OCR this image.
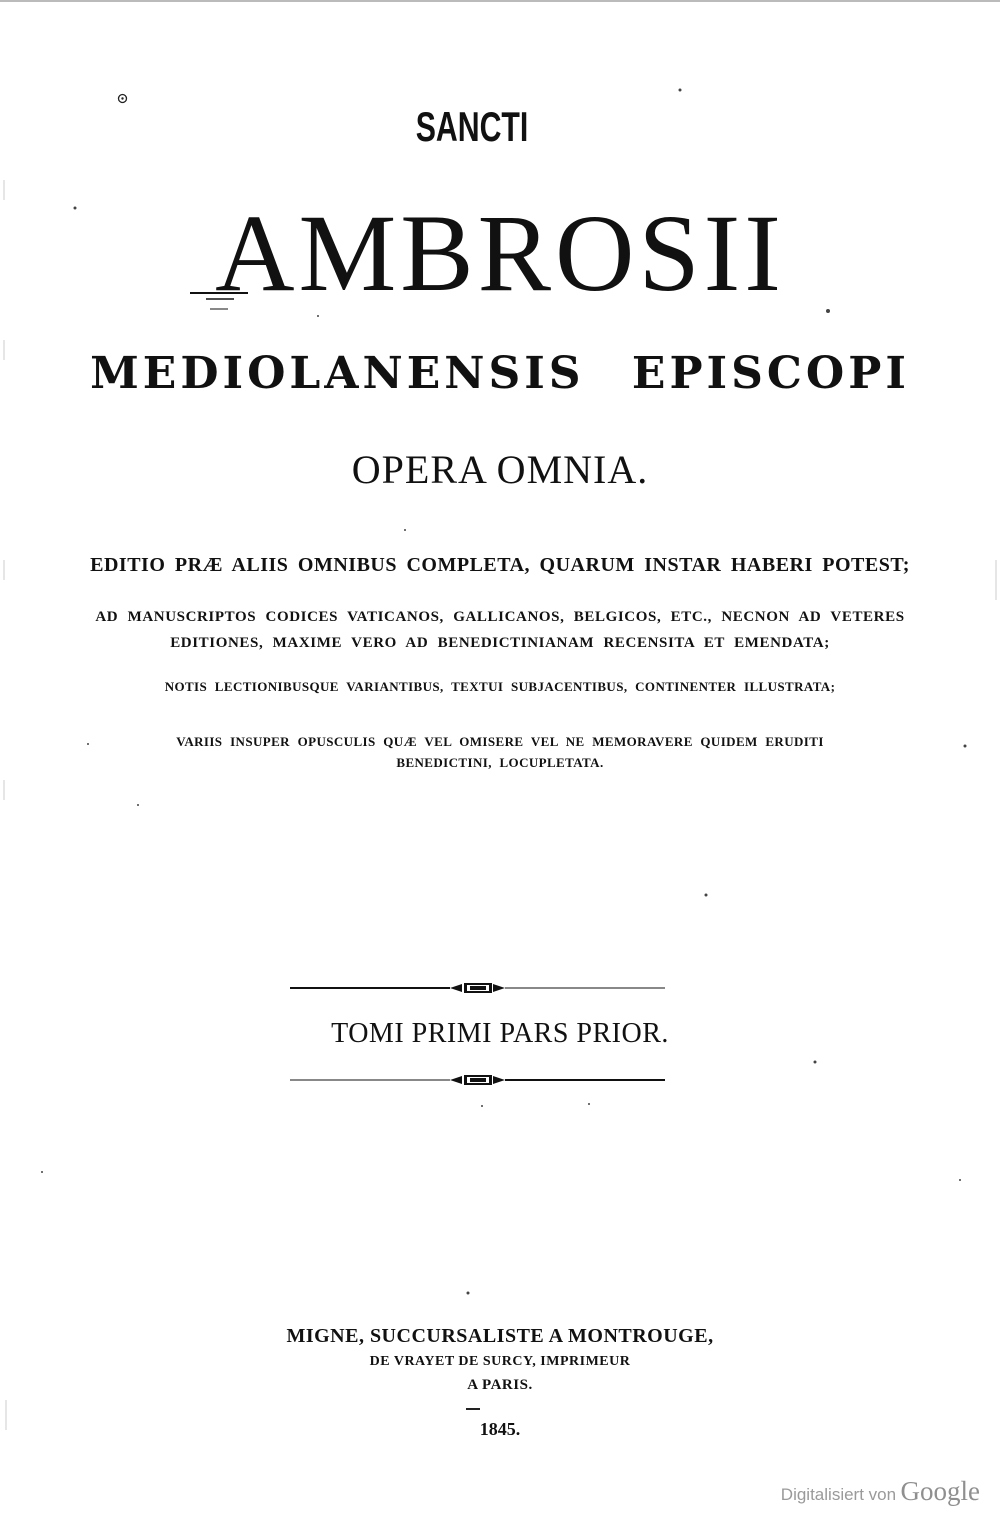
SANCTI
AMBROSII
MEDIOLANENSIS EPISCOPI
OPERA OMNIA.
EDITIO PRÆ ALIIS OMNIBUS COMPLETA, QUARUM INSTAR HABERI POTEST;
AD MANUSCRIPTOS CODICES VATICANOS, GALLICANOS, BELGICOS, ETC., NECNON AD VETERES
EDITIONES, MAXIME VERO AD BENEDICTINIANAM RECENSITA ET EMENDATA;
NOTIS LECTIONIBUSQUE VARIANTIBUS, TEXTUI SUBJACENTIBUS, CONTINENTER ILLUSTRATA;
VARIIS INSUPER OPUSCULIS QUÆ VEL OMISERE VEL NE MEMORAVERE QUIDEM ERUDITI
BENEDICTINI, LOCUPLETATA.
TOMI PRIMI PARS PRIOR.
MIGNE, SUCCURSALISTE A MONTROUGE,
DE VRAYET DE SURCY, IMPRIMEUR
A PARIS.
1845.
Digitalisiert von Google
